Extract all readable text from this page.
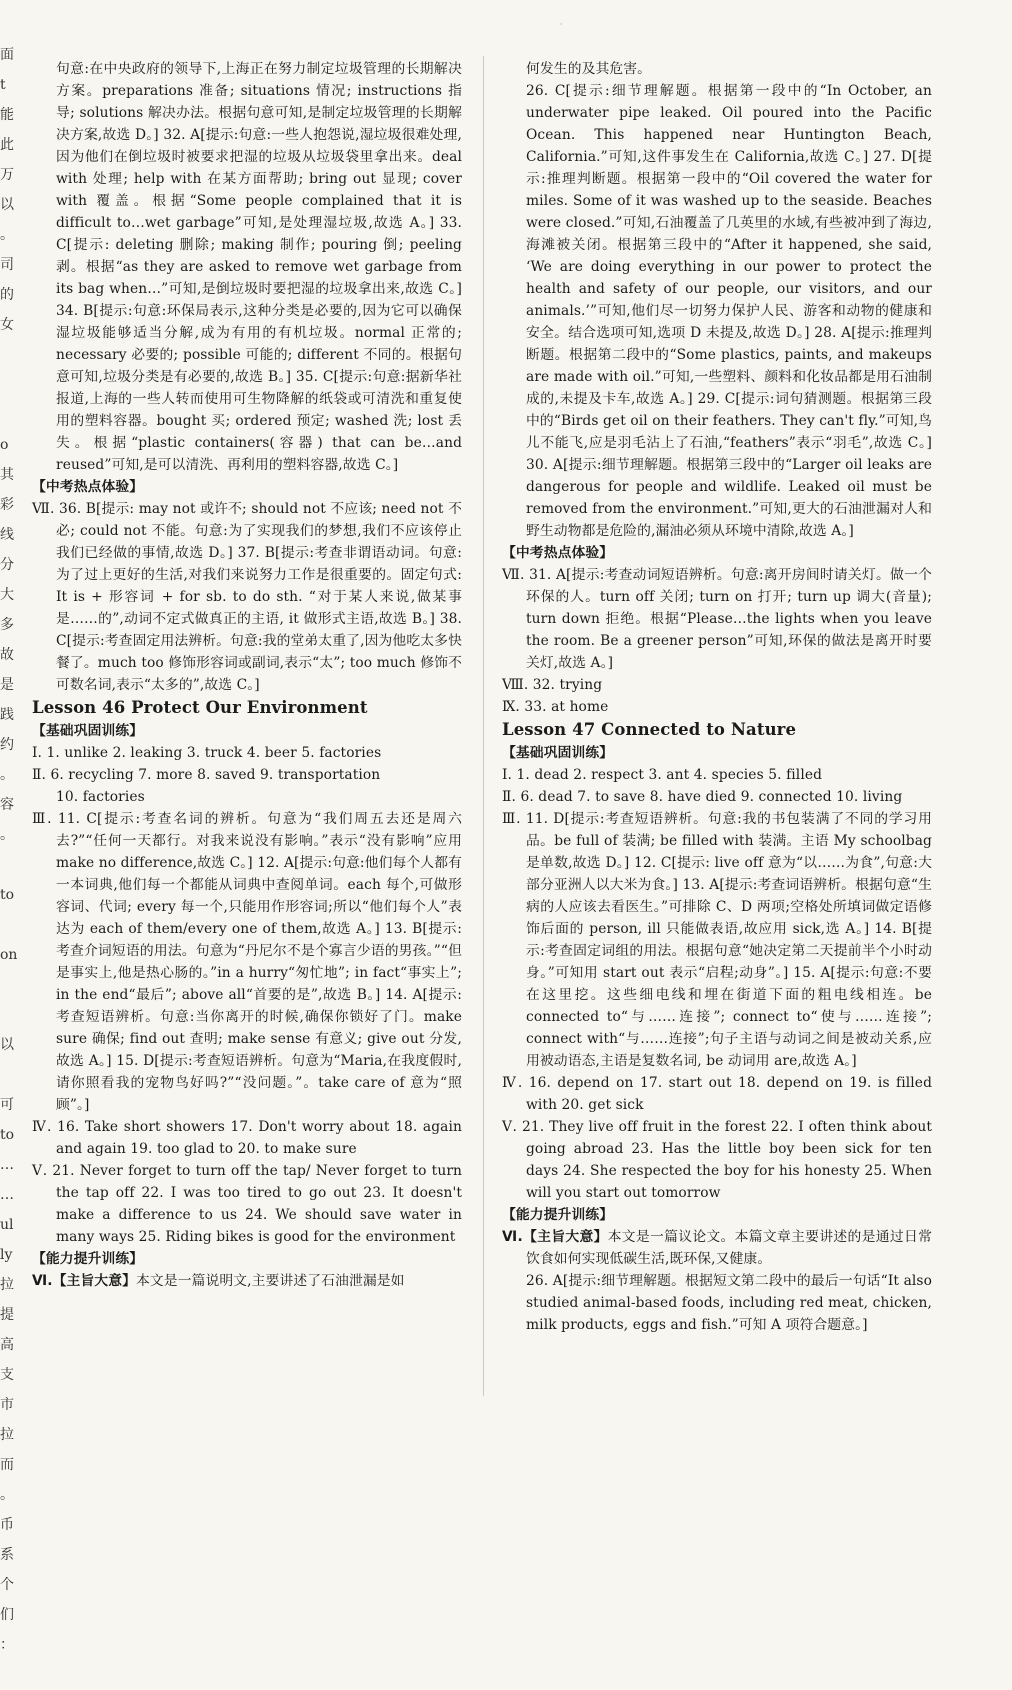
·
面
t
能
此
万
以
。
司
的
女
o
其
彩
线
分
大
多
故
是
践
约
。
容
。
to
on
以
可
to
…
…
ul
ly
拉
提
高
支
市
拉
而
。
币
系
个
们
：

句意:在中央政府的领导下,上海正在努力制定垃圾管理的长期解决方案。preparations 准备; situations 情况; instructions 指导; solutions 解决办法。根据句意可知,是制定垃圾管理的长期解决方案,故选 D。] 32. A[提示:句意:一些人抱怨说,湿垃圾很难处理,因为他们在倒垃圾时被要求把湿的垃圾从垃圾袋里拿出来。deal with 处理; help with 在某方面帮助; bring out 显现; cover with 覆盖。根据“Some people complained that it is difficult to…wet garbage”可知,是处理湿垃圾,故选 A。] 33. C[提示: deleting 删除; making 制作; pouring 倒; peeling 剥。根据“as they are asked to remove wet garbage from its bag when…”可知,是倒垃圾时要把湿的垃圾拿出来,故选 C。] 34. B[提示:句意:环保局表示,这种分类是必要的,因为它可以确保湿垃圾能够适当分解,成为有用的有机垃圾。normal 正常的; necessary 必要的; possible 可能的; different 不同的。根据句意可知,垃圾分类是有必要的,故选 B。] 35. C[提示:句意:据新华社报道,上海的一些人转而使用可生物降解的纸袋或可清洗和重复使用的塑料容器。bought 买; ordered 预定; washed 洗; lost 丢失。根据“plastic containers(容器) that can be…and reused”可知,是可以清洗、再利用的塑料容器,故选 C。]

【中考热点体验】

Ⅶ. 36. B[提示: may not 或许不; should not 不应该; need not 不必; could not 不能。句意:为了实现我们的梦想,我们不应该停止我们已经做的事情,故选 D。] 37. B[提示:考查非谓语动词。句意:为了过上更好的生活,对我们来说努力工作是很重要的。固定句式: It is + 形容词 + for sb. to do sth. “对于某人来说,做某事是……的”,动词不定式做真正的主语, it 做形式主语,故选 B。] 38. C[提示:考查固定用法辨析。句意:我的堂弟太重了,因为他吃太多快餐了。much too 修饰形容词或副词,表示“太”; too much 修饰不可数名词,表示“太多的”,故选 C。]

Lesson 46 Protect Our Environment

【基础巩固训练】

Ⅰ. 1. unlike 2. leaking 3. truck 4. beer 5. factories

Ⅱ. 6. recycling 7. more 8. saved 9. transportation

10. factories

Ⅲ. 11. C[提示:考查名词的辨析。句意为“我们周五去还是周六去?”“任何一天都行。对我来说没有影响。”表示“没有影响”应用 make no difference,故选 C。] 12. A[提示:句意:他们每个人都有一本词典,他们每一个都能从词典中查阅单词。each 每个,可做形容词、代词; every 每一个,只能用作形容词;所以“他们每个人”表达为 each of them/every one of them,故选 A。] 13. B[提示:考查介词短语的用法。句意为“丹尼尔不是个寡言少语的男孩。”“但是事实上,他是热心肠的。”in a hurry“匆忙地”; in fact“事实上”; in the end“最后”; above all“首要的是”,故选 B。] 14. A[提示:考查短语辨析。句意:当你离开的时候,确保你锁好了门。make sure 确保; find out 查明; make sense 有意义; give out 分发,故选 A。] 15. D[提示:考查短语辨析。句意为“Maria,在我度假时,请你照看我的宠物鸟好吗?”“没问题。”。take care of 意为“照顾”。]

Ⅳ. 16. Take short showers 17. Don't worry about 18. again and again 19. too glad to 20. to make sure

Ⅴ. 21. Never forget to turn off the tap/ Never forget to turn the tap off 22. I was too tired to go out 23. It doesn't make a difference to us 24. We should save water in many ways 25. Riding bikes is good for the environment

【能力提升训练】

Ⅵ.【主旨大意】本文是一篇说明文,主要讲述了石油泄漏是如

何发生的及其危害。

26. C[提示:细节理解题。根据第一段中的“In October, an underwater pipe leaked. Oil poured into the Pacific Ocean. This happened near Huntington Beach, California.”可知,这件事发生在 California,故选 C。] 27. D[提示:推理判断题。根据第一段中的“Oil covered the water for miles. Some of it was washed up to the seaside. Beaches were closed.”可知,石油覆盖了几英里的水域,有些被冲到了海边,海滩被关闭。根据第三段中的“After it happened, she said, ‘We are doing everything in our power to protect the health and safety of our people, our visitors, and our animals.’”可知,他们尽一切努力保护人民、游客和动物的健康和安全。结合选项可知,选项 D 未提及,故选 D。] 28. A[提示:推理判断题。根据第二段中的“Some plastics, paints, and makeups are made with oil.”可知,一些塑料、颜料和化妆品都是用石油制成的,未提及卡车,故选 A。] 29. C[提示:词句猜测题。根据第三段中的“Birds get oil on their feathers. They can't fly.”可知,鸟儿不能飞,应是羽毛沾上了石油,“feathers”表示“羽毛”,故选 C。] 30. A[提示:细节理解题。根据第三段中的“Larger oil leaks are dangerous for people and wildlife. Leaked oil must be removed from the environment.”可知,更大的石油泄漏对人和野生动物都是危险的,漏油必须从环境中清除,故选 A。]

【中考热点体验】

Ⅶ. 31. A[提示:考查动词短语辨析。句意:离开房间时请关灯。做一个环保的人。turn off 关闭; turn on 打开; turn up 调大(音量); turn down 拒绝。根据“Please…the lights when you leave the room. Be a greener person”可知,环保的做法是离开时要关灯,故选 A。]

Ⅷ. 32. trying

Ⅸ. 33. at home

Lesson 47 Connected to Nature

【基础巩固训练】

Ⅰ. 1. dead 2. respect 3. ant 4. species 5. filled

Ⅱ. 6. dead 7. to save 8. have died 9. connected 10. living

Ⅲ. 11. D[提示:考查短语辨析。句意:我的书包装满了不同的学习用品。be full of 装满; be filled with 装满。主语 My schoolbag 是单数,故选 D。] 12. C[提示: live off 意为“以……为食”,句意:大部分亚洲人以大米为食。] 13. A[提示:考查词语辨析。根据句意“生病的人应该去看医生。”可排除 C、D 两项;空格处所填词做定语修饰后面的 person, ill 只能做表语,故应用 sick,选 A。] 14. B[提示:考查固定词组的用法。根据句意“她决定第二天提前半个小时动身。”可知用 start out 表示“启程;动身”。] 15. A[提示:句意:不要在这里挖。这些细电线和埋在街道下面的粗电线相连。be connected to“与……连接”; connect to“使与……连接”; connect with“与……连接”;句子主语与动词之间是被动关系,应用被动语态,主语是复数名词, be 动词用 are,故选 A。]

Ⅳ. 16. depend on 17. start out 18. depend on 19. is filled with 20. get sick

Ⅴ. 21. They live off fruit in the forest 22. I often think about going abroad 23. Has the little boy been sick for ten days 24. She respected the boy for his honesty 25. When will you start out tomorrow

【能力提升训练】

Ⅵ.【主旨大意】本文是一篇议论文。本篇文章主要讲述的是通过日常饮食如何实现低碳生活,既环保,又健康。

26. A[提示:细节理解题。根据短文第二段中的最后一句话“It also studied animal-based foods, including red meat, chicken, milk products, eggs and fish.”可知 A 项符合题意。]
